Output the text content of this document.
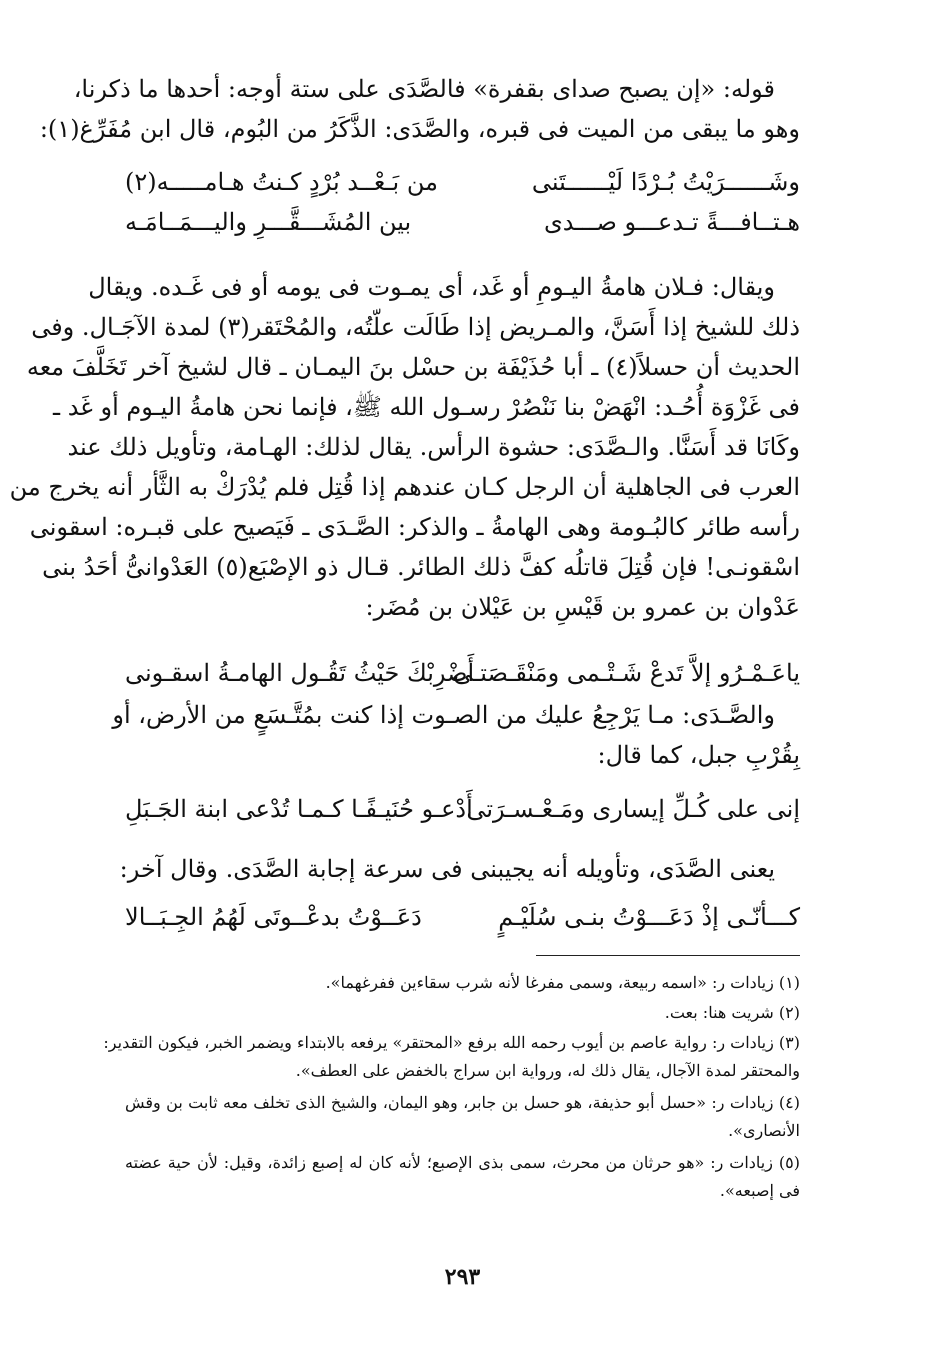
قوله: «إن يصبح صداى بقفرة» فالصَّدَى على ستة أوجه: أحدها ما ذكرنا،
وهو ما يبقى من الميت فى قبره، والصَّدَى: الذَّكَرُ من البُوم، قال ابن مُفَرِّغ(١):
وشَــــــرَيْتُ بُـرْدًا لَيْــــــتَنى
من بَـعْــد بُرْدٍ كـنتُ هـامـــــه(٢)
هـتــافـــةً تـدعـــو صـــدى
بين المُشَـــقَّـــرِ واليـــمَــامَـه
ويقال: فـلان هامةُ اليـومِ أو غَد، أى يمـوت فى يومه أو فى غَـده. ويقال
ذلك للشيخ إذا أَسَنَّ، والمـريض إذا طَالَت علّتُه، والمُحْتَقر(٣) لمدة الآجَـال. وفى
الحديث أن حسلاً(٤) ـ أبا حُذَيْفَة بن حسْل بنَ اليمـان ـ قال لشيخ آخر تَخَلَّفَ معه
فى غَزْوَة أُحُـد: انْهَضْ بنا نَنْصُرْ رسـول الله ﷺ، فإنما نحن هامةُ اليـوم أو غَد ـ
وكَانَا قد أَسَنَّا. والـصَّدَى: حشوة الرأس. يقال لذلك: الهـامة، وتأويل ذلك عند
العرب فى الجاهلية أن الرجل كـان عندهم إذا قُتِل فلم يُدْرَكْ به الثَّأر أنه يخرج من
رأسه طائر كالبُـومة وهى الهامةُ ـ والذكر: الصَّـدَى ـ فَيَصيح على قبـره: اسقونى
اسْقونـى! فإن قُتِلَ قاتلُه كفَّ ذلك الطائر. قـال ذو الإصْبَع(٥) العَدْوانىُّ أحَدُ بنى
عَدْوان بن عمرو بن قَيْسِ بن عَيْلان بن مُضَر:
ياعَـمْـرُو إلاَّ تَدعْ شَـتْـمى ومَنْقَـصَتـى
أَضْرِبْكَ حَيْثُ تَقُـول الهامـةُ اسقـونى
والصَّـدَى: مـا يَرْجِعُ عليك من الصـوت إذا كنت بمُتَّـسَعٍ من الأرض، أو
بِقُرْبِ جبل، كما قال:
إنى على كُـلِّ إيسارى ومَـعْـسـرَتى
أَدْعـو حُنَيـفًـا كـمـا تُدْعى ابنة الجَـبَلِ
يعنى الصَّدَى، وتأويله أنه يجيبنى فى سرعة إجابة الصَّدَى. وقال آخر:
كـــأنّـى إذْ دَعَـــوْتُ بنـى سُلَيْـمٍ
دَعَــوْتُ بدعْــوتَى لَهُمُ الجِـبَــالا
(١) زيادات ر: «اسمه ربيعة، وسمى مفرغا لأنه شرب سقاءين ففرغهما».
(٢) شريت هنا: بعت.
(٣) زيادات ر: رواية عاصم بن أيوب رحمه الله برفع «المحتقر» يرفعه بالابتداء ويضمر الخبر، فيكون التقدير:
والمحتقر لمدة الآجال، يقال ذلك له، ورواية ابن سراج بالخفض على العطف».
(٤) زيادات ر: «حسل أبو حذيفة، هو حسل بن جابر، وهو اليمان، والشيخ الذى تخلف معه ثابت بن وقش
الأنصارى».
(٥) زيادات ر: «هو حرثان من محرث، سمى بذى الإصبع؛ لأنه كان له إصبع زائدة، وقيل: لأن حية عضته
فى إصبعه».
٢٩٣
